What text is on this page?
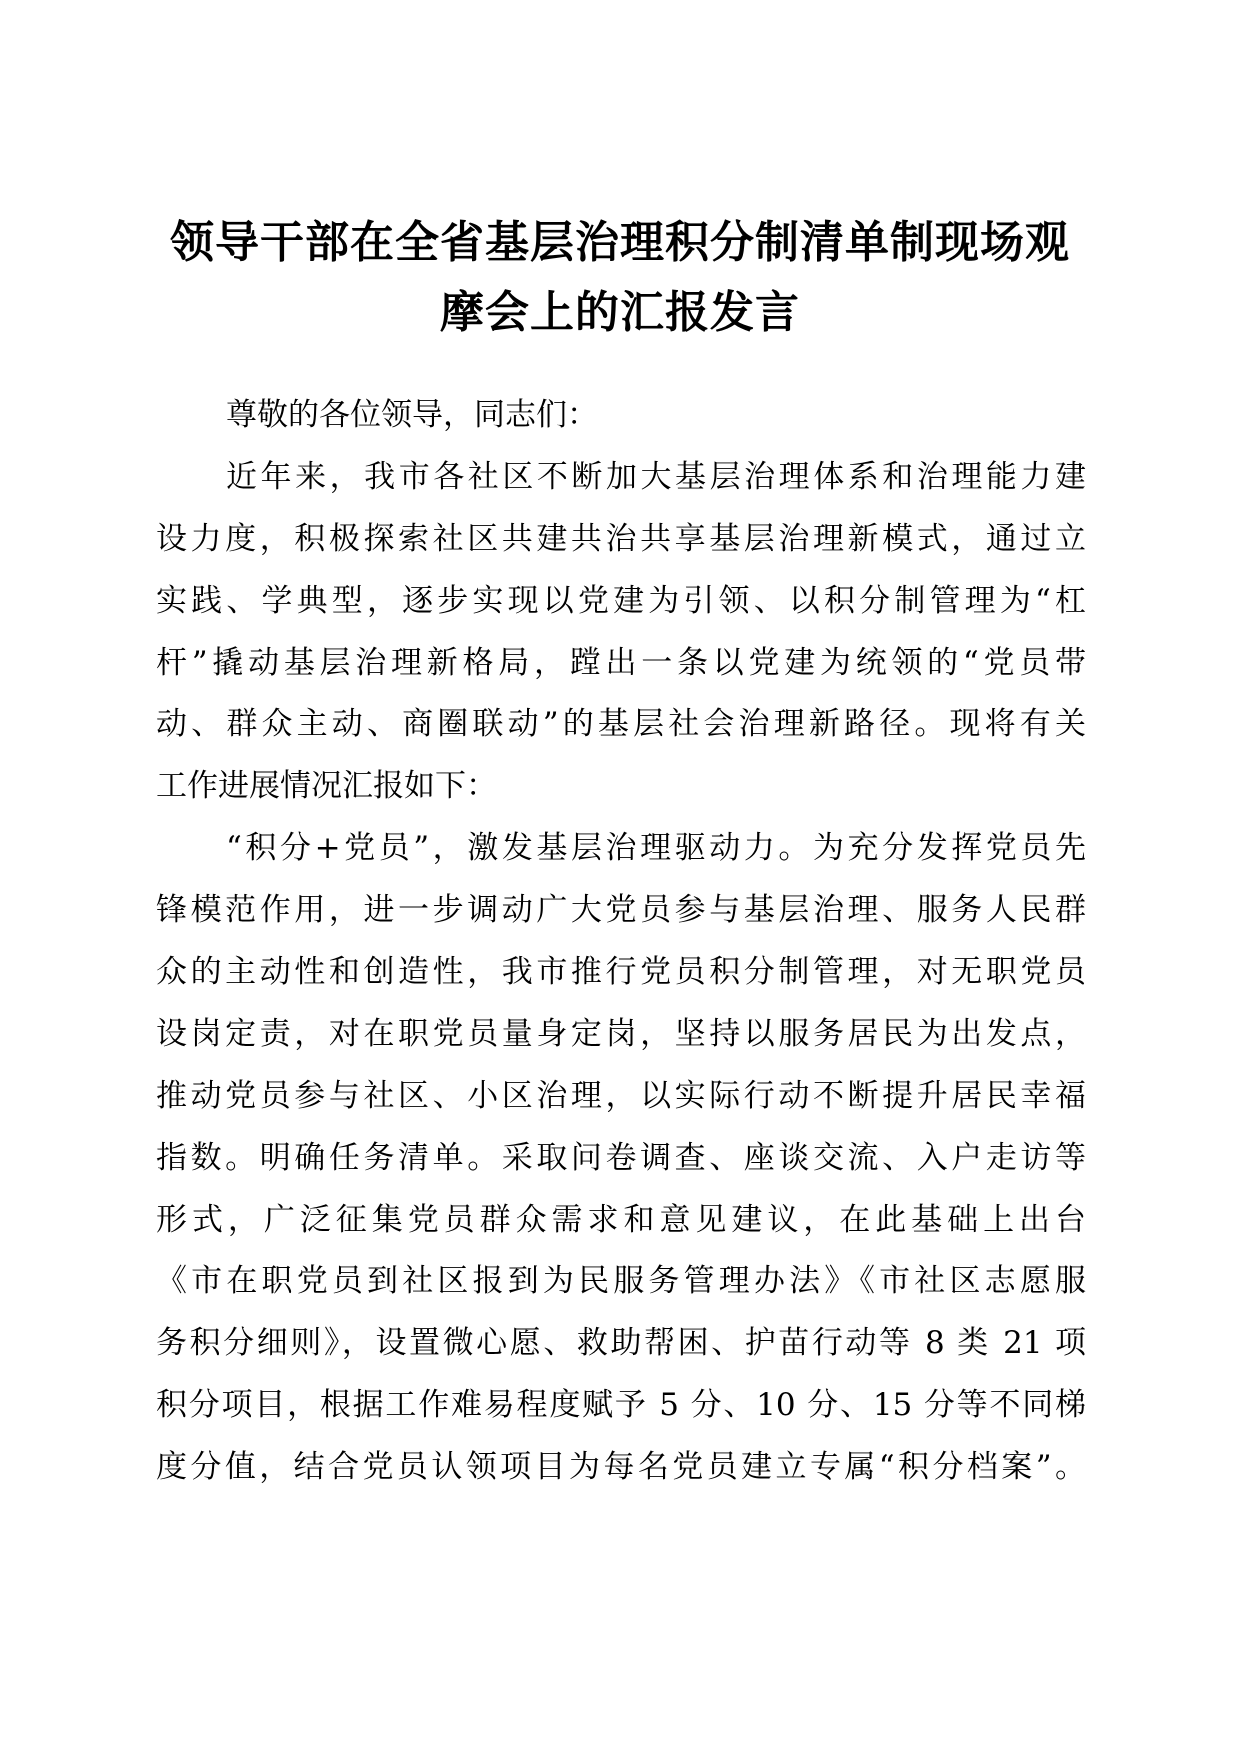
领导干部在全省基层治理积分制清单制现场观
摩会上的汇报发言
尊敬的各位领导，同志们：
近年来，我市各社区不断加大基层治理体系和治理能力建
设力度，积极探索社区共建共治共享基层治理新模式，通过立
实践、学典型，逐步实现以党建为引领、以积分制管理为“杠
杆”撬动基层治理新格局，蹚出一条以党建为统领的“党员带
动、群众主动、商圈联动”的基层社会治理新路径。现将有关
工作进展情况汇报如下：
“积分+党员”，激发基层治理驱动力。为充分发挥党员先
锋模范作用，进一步调动广大党员参与基层治理、服务人民群
众的主动性和创造性，我市推行党员积分制管理，对无职党员
设岗定责，对在职党员量身定岗，坚持以服务居民为出发点，
推动党员参与社区、小区治理，以实际行动不断提升居民幸福
指数。明确任务清单。采取问卷调查、座谈交流、入户走访等
形式，广泛征集党员群众需求和意见建议，在此基础上出台
《市在职党员到社区报到为民服务管理办法》《市社区志愿服
务积分细则》，设置微心愿、救助帮困、护苗行动等 8 类 21 项
积分项目，根据工作难易程度赋予 5 分、10 分、15 分等不同梯
度分值，结合党员认领项目为每名党员建立专属“积分档案”。
